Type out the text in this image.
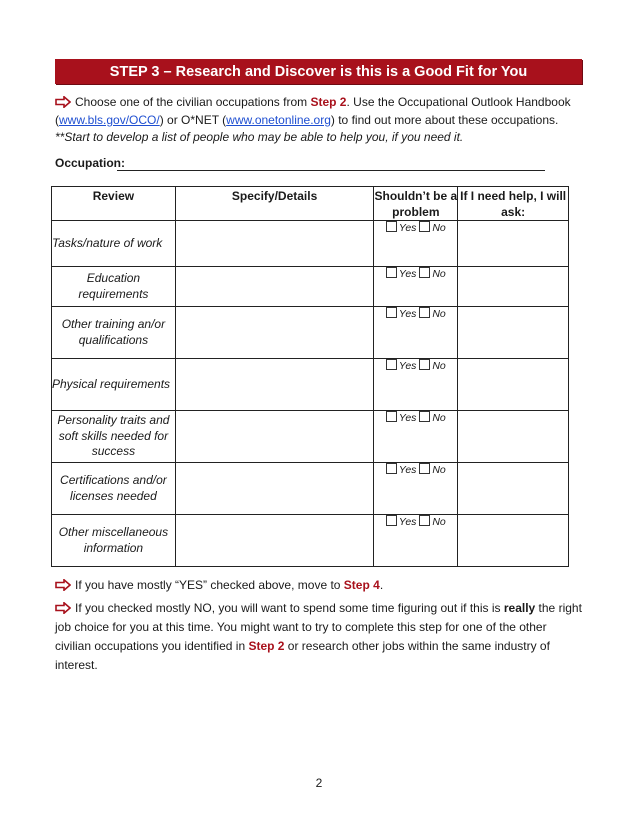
STEP 3 – Research and Discover is this is a Good Fit for You
Choose one of the civilian occupations from Step 2. Use the Occupational Outlook Handbook
(www.bls.gov/OCO/) or O*NET (www.onetonline.org) to find out more about these occupations.
**Start to develop a list of people who may be able to help you, if you need it.
Occupation:
Review	Specify/Details	Shouldn’t be a problem	If I need help, I will ask:
Tasks/nature of work		Yes No	
Education requirements		Yes No	
Other training an/or qualifications		Yes No	
Physical requirements		Yes No	
Personality traits and soft skills needed for success		Yes No	
Certifications and/or licenses needed		Yes No	
Other miscellaneous information		Yes No	
If you have mostly “YES” checked above, move to Step 4.
If you checked mostly NO, you will want to spend some time figuring out if this is really the right job choice for you at this time. You might want to try to complete this step for one of the other civilian occupations you identified in Step 2 or research other jobs within the same industry of interest.
2
